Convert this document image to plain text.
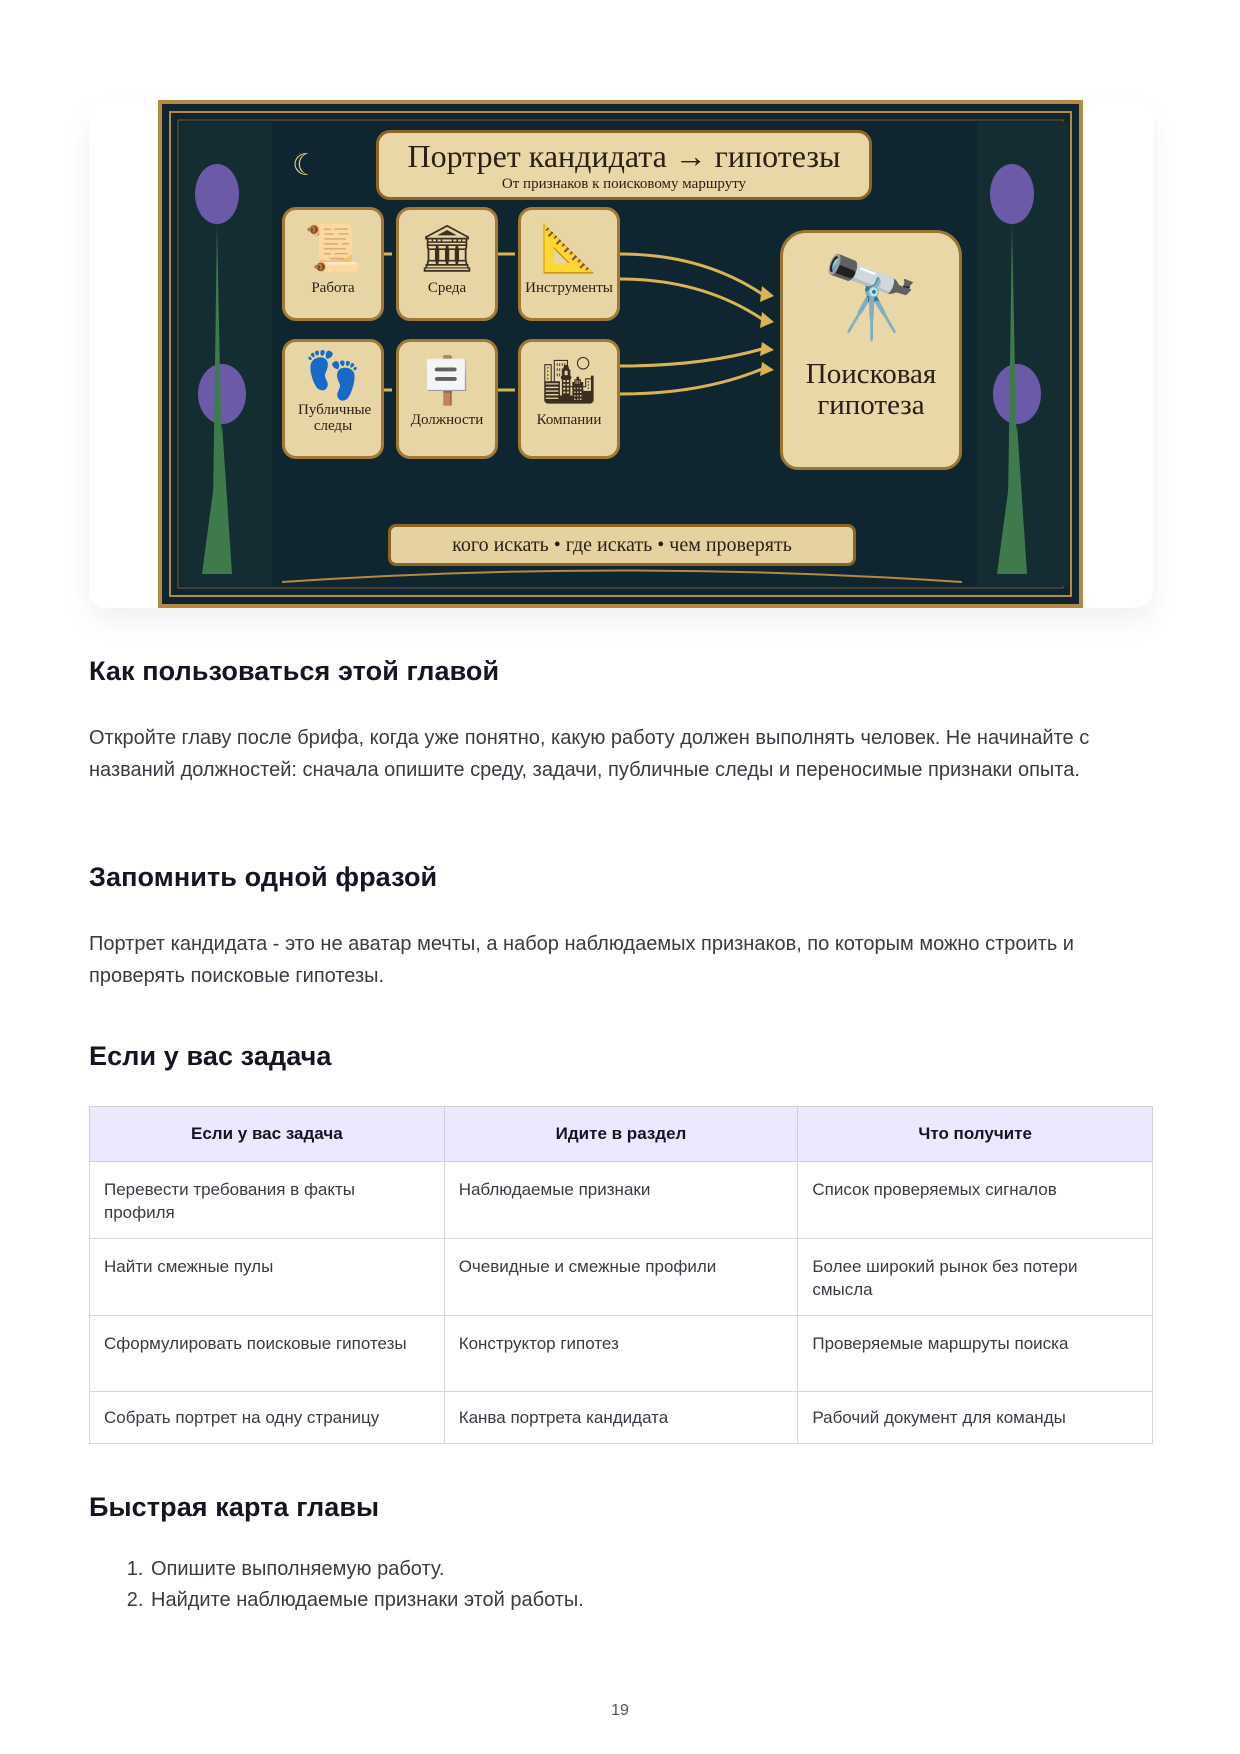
☾	Портрет кандидата → гипотезы
От признаков к поисковому маршруту
📜
Работа
🏛
Среда
📐
Инструменты
👣
Публичные следы
🪧
Должности
🏙
Компании
🔭
Поисковая гипотеза
кого искать • где искать • чем проверять
Как пользоваться этой главой

Откройте главу после брифа, когда уже понятно, какую работу должен выполнять человек. Не начинайте с названий должностей: сначала опишите среду, задачи, публичные следы и переносимые признаки опыта.

Запомнить одной фразой

Портрет кандидата - это не аватар мечты, а набор наблюдаемых признаков, по которым можно строить и проверять поисковые гипотезы.

Если у вас задача
Если у вас задача	Идите в раздел	Что получите
Перевести требования в факты профиля	Наблюдаемые признаки	Список проверяемых сигналов
Найти смежные пулы	Очевидные и смежные профили	Более широкий рынок без потери смысла
Сформулировать поисковые гипотезы	Конструктор гипотез	Проверяемые маршруты поиска
Собрать портрет на одну страницу	Канва портрета кандидата	Рабочий документ для команды
Быстрая карта главы
1. Опишите выполняемую работу.
2. Найдите наблюдаемые признаки этой работы.
19
